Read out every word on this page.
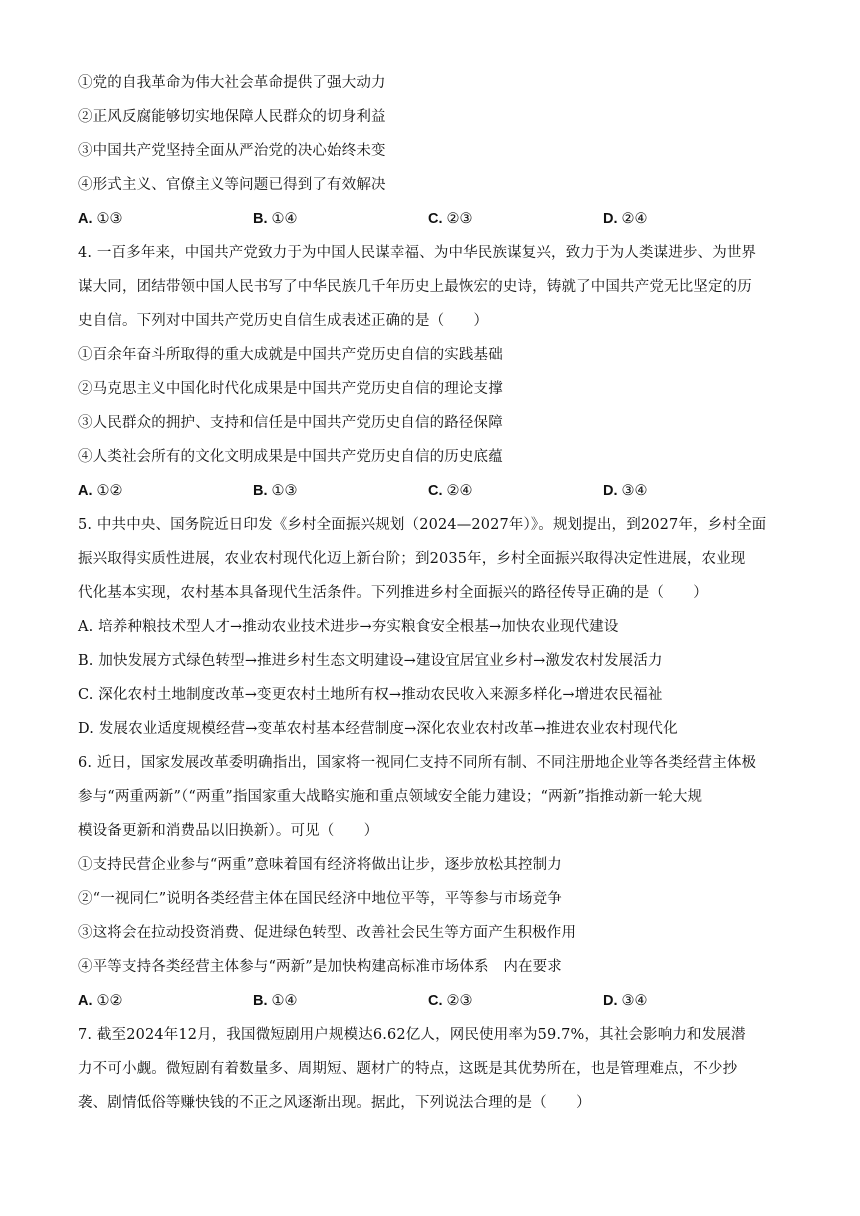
①党的自我革命为伟大社会革命提供了强大动力
②正风反腐能够切实地保障人民群众的切身利益
③中国共产党坚持全面从严治党的决心始终未变
④形式主义、官僚主义等问题已得到了有效解决
A. ①③	B. ①④	C. ②③	D. ②④
4. 一百多年来，中国共产党致力于为中国人民谋幸福、为中华民族谋复兴，致力于为人类谋进步、为世界
谋大同，团结带领中国人民书写了中华民族几千年历史上最恢宏的史诗，铸就了中国共产党无比坚定的历
史自信。下列对中国共产党历史自信生成表述正确的是（　　）
①百余年奋斗所取得的重大成就是中国共产党历史自信的实践基础
②马克思主义中国化时代化成果是中国共产党历史自信的理论支撑
③人民群众的拥护、支持和信任是中国共产党历史自信的路径保障
④人类社会所有的文化文明成果是中国共产党历史自信的历史底蕴
A. ①②	B. ①③	C. ②④	D. ③④
5. 中共中央、国务院近日印发《乡村全面振兴规划（2024—2027年）》。规划提出，到2027年，乡村全面
振兴取得实质性进展，农业农村现代化迈上新台阶；到2035年，乡村全面振兴取得决定性进展，农业现
代化基本实现，农村基本具备现代生活条件。下列推进乡村全面振兴的路径传导正确的是（　　）
A. 培养种粮技术型人才→推动农业技术进步→夯实粮食安全根基→加快农业现代建设
B. 加快发展方式绿色转型→推进乡村生态文明建设→建设宜居宜业乡村→激发农村发展活力
C. 深化农村土地制度改革→变更农村土地所有权→推动农民收入来源多样化→增进农民福祉
D. 发展农业适度规模经营→变革农村基本经营制度→深化农业农村改革→推进农业农村现代化
6. 近日，国家发展改革委明确指出，国家将一视同仁支持不同所有制、不同注册地企业等各类经营主体极
参与“两重两新”（“两重”指国家重大战略实施和重点领域安全能力建设；“两新”指推动新一轮大规
模设备更新和消费品以旧换新）。可见（　　）
①支持民营企业参与“两重”意味着国有经济将做出让步，逐步放松其控制力
②“一视同仁”说明各类经营主体在国民经济中地位平等，平等参与市场竞争
③这将会在拉动投资消费、促进绿色转型、改善社会民生等方面产生积极作用
④平等支持各类经营主体参与“两新”是加快构建高标准市场体系　内在要求
A. ①②	B. ①④	C. ②③	D. ③④
7. 截至2024年12月，我国微短剧用户规模达6.62亿人，网民使用率为59.7%，其社会影响力和发展潜
力不可小觑。微短剧有着数量多、周期短、题材广的特点，这既是其优势所在，也是管理难点，不少抄
袭、剧情低俗等赚快钱的不正之风逐渐出现。据此，下列说法合理的是（　　）
